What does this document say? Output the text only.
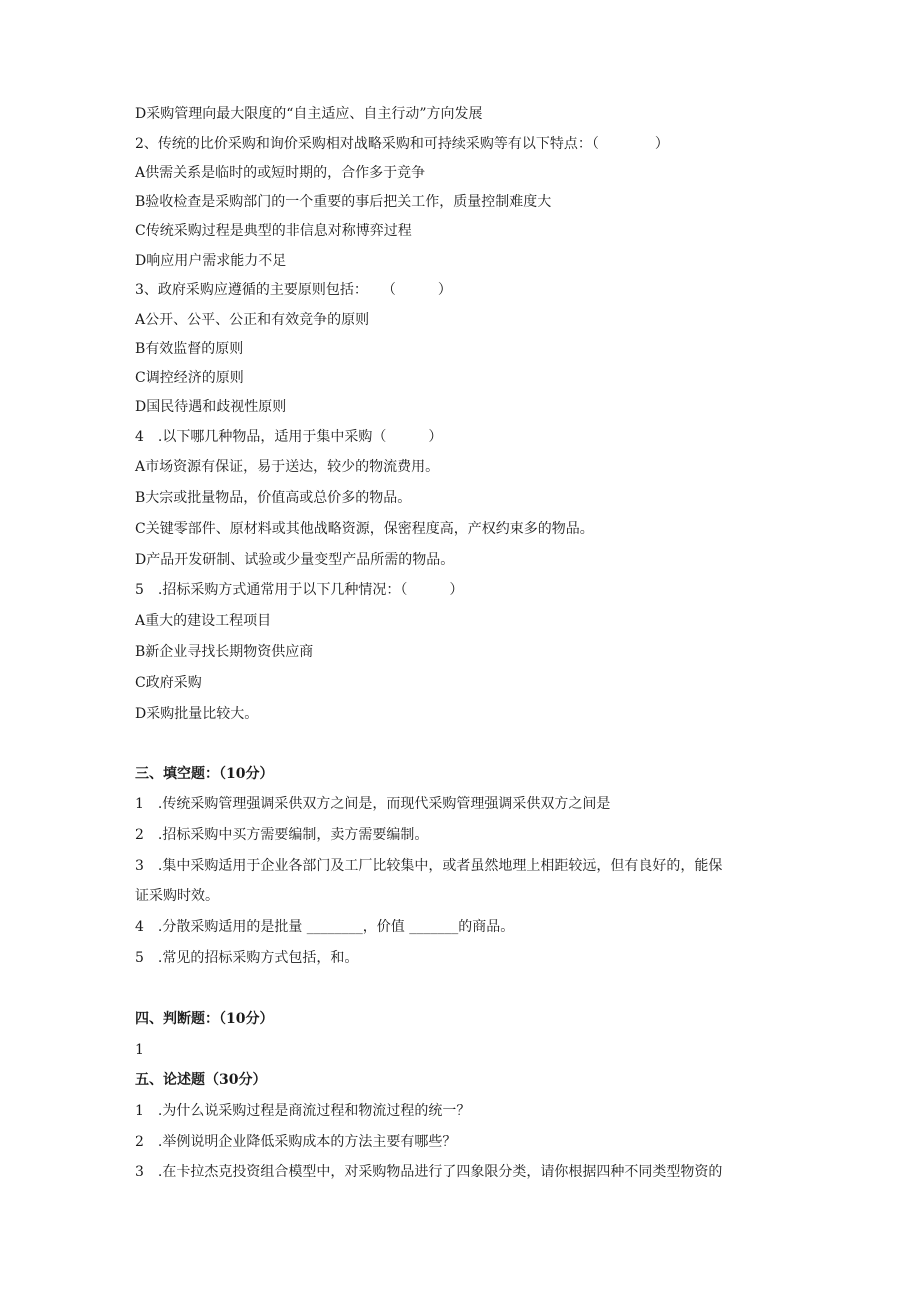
D采购管理向最大限度的“自主适应、自主行动”方向发展
2、传统的比价采购和询价采购相对战略采购和可持续采购等有以下特点：（　　　　）
A供需关系是临时的或短时期的，合作多于竞争
B验收检查是采购部门的一个重要的事后把关工作，质量控制难度大
C传统采购过程是典型的非信息对称博弈过程
D响应用户需求能力不足
3、政府采购应遵循的主要原则包括：　　（　　　）
A公开、公平、公正和有效竞争的原则
B有效监督的原则
C调控经济的原则
D国民待遇和歧视性原则
4　.以下哪几种物品，适用于集中采购（　　　）
A市场资源有保证，易于送达，较少的物流费用。
B大宗或批量物品，价值高或总价多的物品。
C关键零部件、原材料或其他战略资源，保密程度高，产权约束多的物品。
D产品开发研制、试验或少量变型产品所需的物品。
5　.招标采购方式通常用于以下几种情况：（　　　）
A重大的建设工程项目
B新企业寻找长期物资供应商
C政府采购
D采购批量比较大。
三、填空题：（10分）
1　.传统采购管理强调采供双方之间是，而现代采购管理强调采供双方之间是
2　.招标采购中买方需要编制，卖方需要编制。
3　.集中采购适用于企业各部门及工厂比较集中，或者虽然地理上相距较远，但有良好的，能保
证采购时效。
4　.分散采购适用的是批量 ________，价值 _______的商品。
5　.常见的招标采购方式包括，和。
四、判断题：（10分）
1
五、论述题（30分）
1　.为什么说采购过程是商流过程和物流过程的统一？
2　.举例说明企业降低采购成本的方法主要有哪些？
3　.在卡拉杰克投资组合模型中，对采购物品进行了四象限分类，请你根据四种不同类型物资的
